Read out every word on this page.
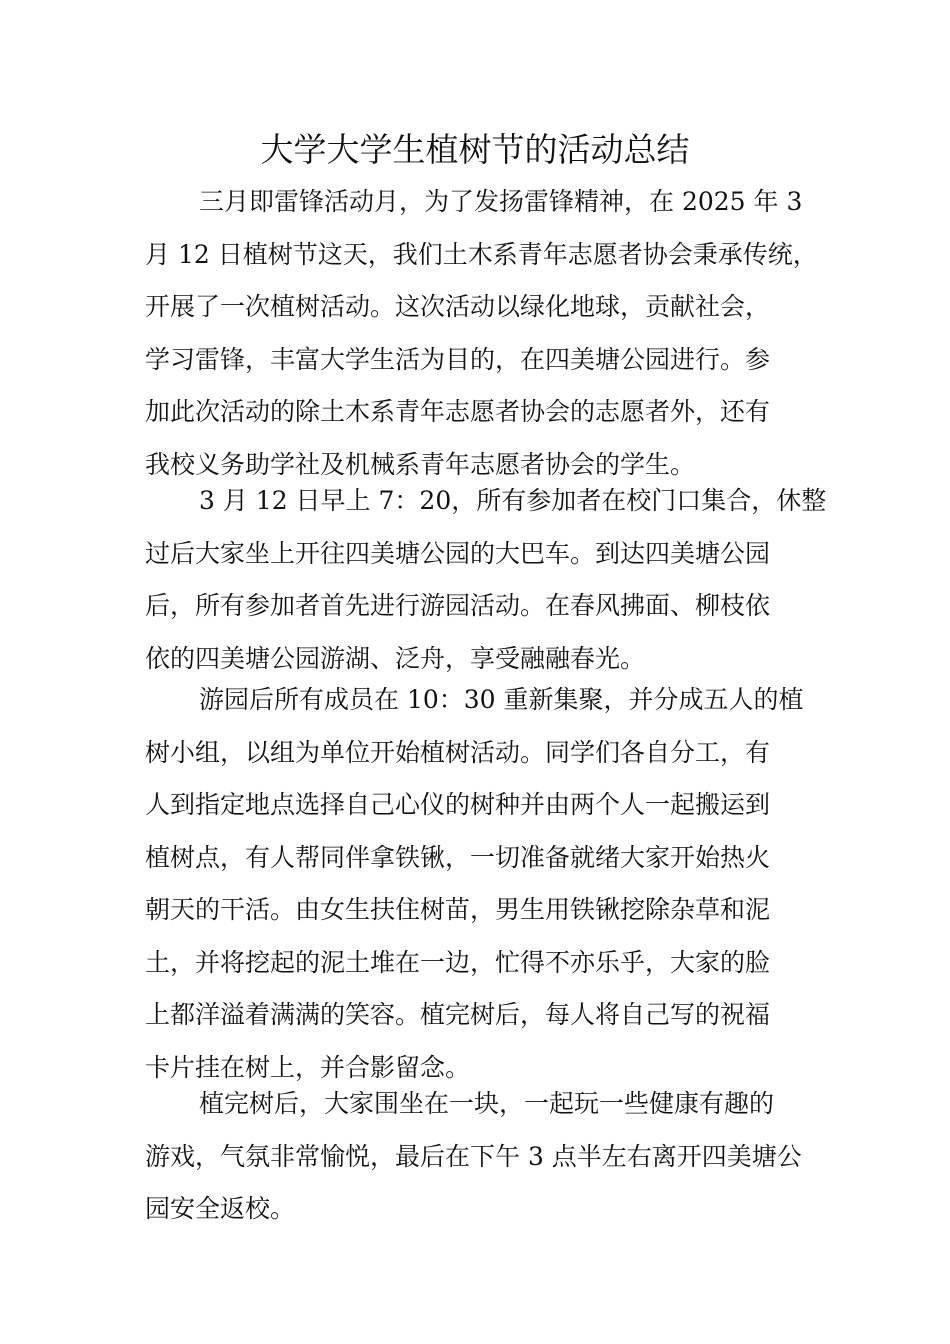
大学大学生植树节的活动总结
三月即雷锋活动月，为了发扬雷锋精神，在 2025 年 3
月 12 日植树节这天，我们土木系青年志愿者协会秉承传统，
开展了一次植树活动。这次活动以绿化地球，贡献社会，
学习雷锋，丰富大学生活为目的，在四美塘公园进行。参
加此次活动的除土木系青年志愿者协会的志愿者外，还有
我校义务助学社及机械系青年志愿者协会的学生。
3 月 12 日早上 7：20，所有参加者在校门口集合，休整
过后大家坐上开往四美塘公园的大巴车。到达四美塘公园
后，所有参加者首先进行游园活动。在春风拂面、柳枝依
依的四美塘公园游湖、泛舟，享受融融春光。
游园后所有成员在 10：30 重新集聚，并分成五人的植
树小组，以组为单位开始植树活动。同学们各自分工，有
人到指定地点选择自己心仪的树种并由两个人一起搬运到
植树点，有人帮同伴拿铁锹，一切准备就绪大家开始热火
朝天的干活。由女生扶住树苗，男生用铁锹挖除杂草和泥
土，并将挖起的泥土堆在一边，忙得不亦乐乎，大家的脸
上都洋溢着满满的笑容。植完树后，每人将自己写的祝福
卡片挂在树上，并合影留念。
植完树后，大家围坐在一块，一起玩一些健康有趣的
游戏，气氛非常愉悦，最后在下午 3 点半左右离开四美塘公
园安全返校。
